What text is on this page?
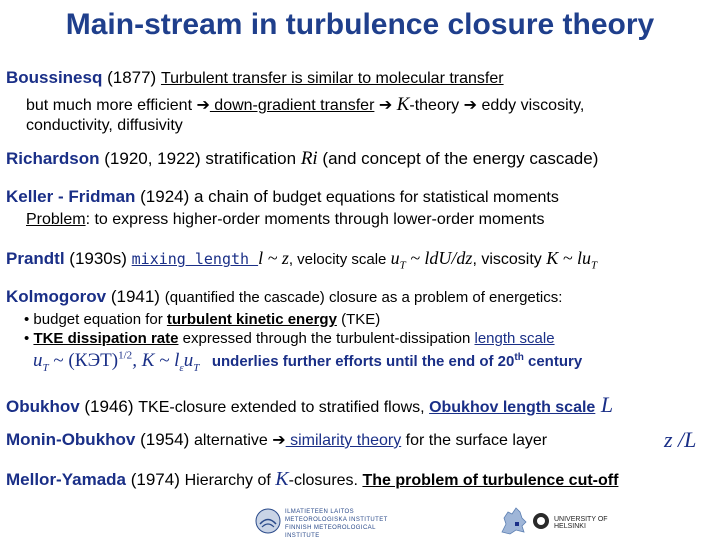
Main-stream in turbulence closure theory
Boussinesq (1877) Turbulent transfer is similar to molecular transfer
but much more efficient ➔ down-gradient transfer ➔ K-theory ➔ eddy viscosity,
conductivity, diffusivity
Richardson (1920, 1922) stratification Ri (and concept of the energy cascade)
Keller - Fridman (1924) a chain of budget equations for statistical moments
Problem: to express higher-order moments through lower-order moments
Prandtl (1930s) mixing length l ~ z, velocity scale $u_T$ ~ ldU/dz, viscosity K ~ $lu_T$
Kolmogorov (1941) (quantified the cascade) closure as a problem of energetics:
• budget equation for turbulent kinetic energy (TKE)
• TKE dissipation rate expressed through the turbulent-dissipation length scale
$u_T$ ~ (КЭТ)$^{1/2}$, K ~ $l_\varepsilon u_T$ underlies further efforts until the end of 20th century
Obukhov (1946) TKE-closure extended to stratified flows, Obukhov length scale L
Monin-Obukhov (1954) alternative ➔ similarity theory for the surface layer	z /L
Mellor-Yamada (1974) Hierarchy of K-closures. The problem of turbulence cut-off
ILMATIETEEN LAITOS
METEOROLOGISKA INSTITUTET
FINNISH METEOROLOGICAL INSTITUTE
UNIVERSITY OF HELSINKI
